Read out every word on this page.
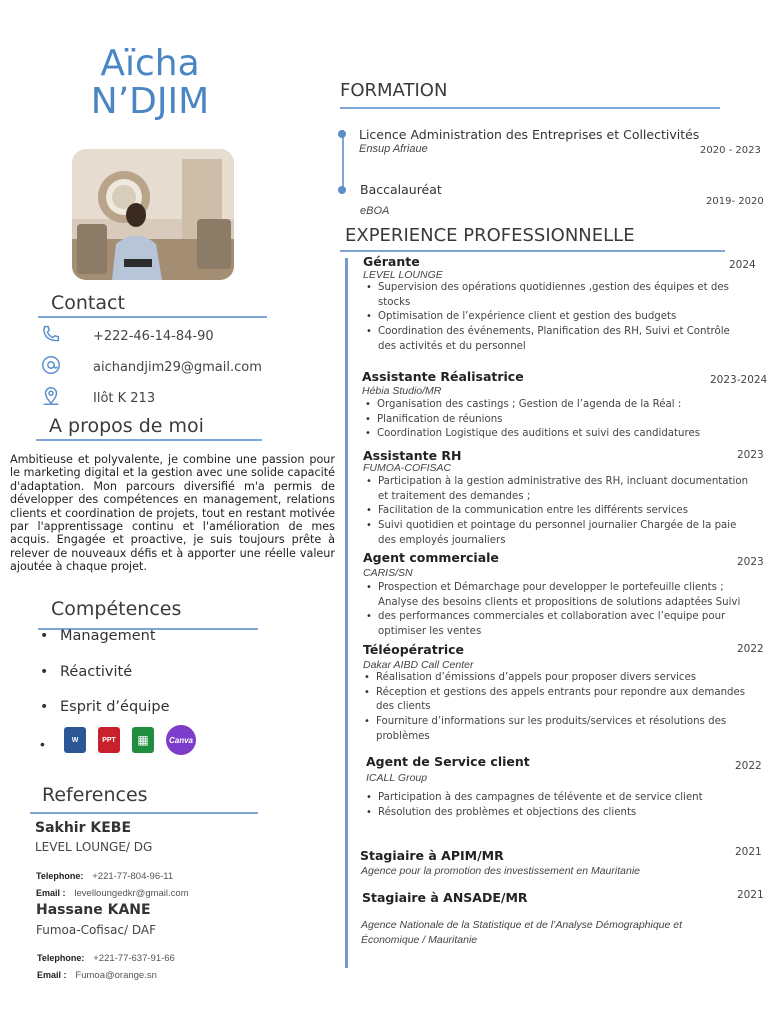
Aïcha
N’DJIM
Contact
+222-46-14-84-90
aichandjim29@gmail.com
Ilôt K 213
A propos de moi
Ambitieuse et polyvalente, je combine une passion pour le marketing digital et la gestion avec une solide capacité d'adaptation. Mon parcours diversifié m'a permis de développer des compétences en management, relations clients et coordination de projets, tout en restant motivée par l'apprentissage continu et l'amélioration de mes acquis. Engagée et proactive, je suis toujours prête à relever de nouveaux défis et à apporter une réelle valeur ajoutée à chaque projet.
Compétences
• Management
• Réactivité
• Esprit d’équipe
•	W	PPT	▦	Canva
References
Sakhir KEBE
LEVEL LOUNGE/ DG
Telephone: +221-77-804-96-11
Email : levelloungedkr@gmail.com
Hassane KANE
Fumoa-Cofisac/ DAF
Telephone: +221-77-637-91-66
Email : Fumoa@orange.sn
FORMATION
Licence Administration des Entreprises et Collectivités
Ensup Afriaue	2020 - 2023
Baccalauréat
eBOA
2019- 2020
EXPERIENCE PROFESSIONNELLE
Gérante
LEVEL LOUNGE
2024
• Supervision des opérations quotidiennes ,gestion des équipes et des stocks
• Optimisation de l’expérience client et gestion des budgets
• Coordination des événements, Planification des RH, Suivi et Contrôle des activités et du personnel
Assistante Réalisatrice
Hébia Studio/MR
2023-2024
• Organisation des castings ; Gestion de l’agenda de la Réal :
• Planification de réunions
• Coordination Logistique des auditions et suivi des candidatures
Assistante RH
FUMOA-COFISAC
2023
• Participation à la gestion administrative des RH, incluant documentation et traitement des demandes ;
• Facilitation de la communication entre les différents services
• Suivi quotidien et pointage du personnel journalier Chargée de la paie des employés journaliers
Agent commerciale
CARIS/SN
2023
• Prospection et Démarchage pour developper le portefeuille clients ; Analyse des besoins clients et propositions de solutions adaptées Suivi
• des performances commerciales et collaboration avec l’equipe pour optimiser les ventes
Téléopératrice
Dakar AIBD Call Center
2022
• Réalisation d’émissions d’appels pour proposer divers services
• Réception et gestions des appels entrants pour repondre aux demandes des clients
• Fourniture d’informations sur les produits/services et résolutions des problèmes
Agent de Service client
ICALL Group
2022
• Participation à des campagnes de télévente et de service client
• Résolution des problèmes et objections des clients
Stagiaire à APIM/MR
Agence pour la promotion des investissement en Mauritanie
2021
Stagiaire à ANSADE/MR
Agence Nationale de la Statistique et de l’Analyse Démographique et Économique / Mauritanie
2021
